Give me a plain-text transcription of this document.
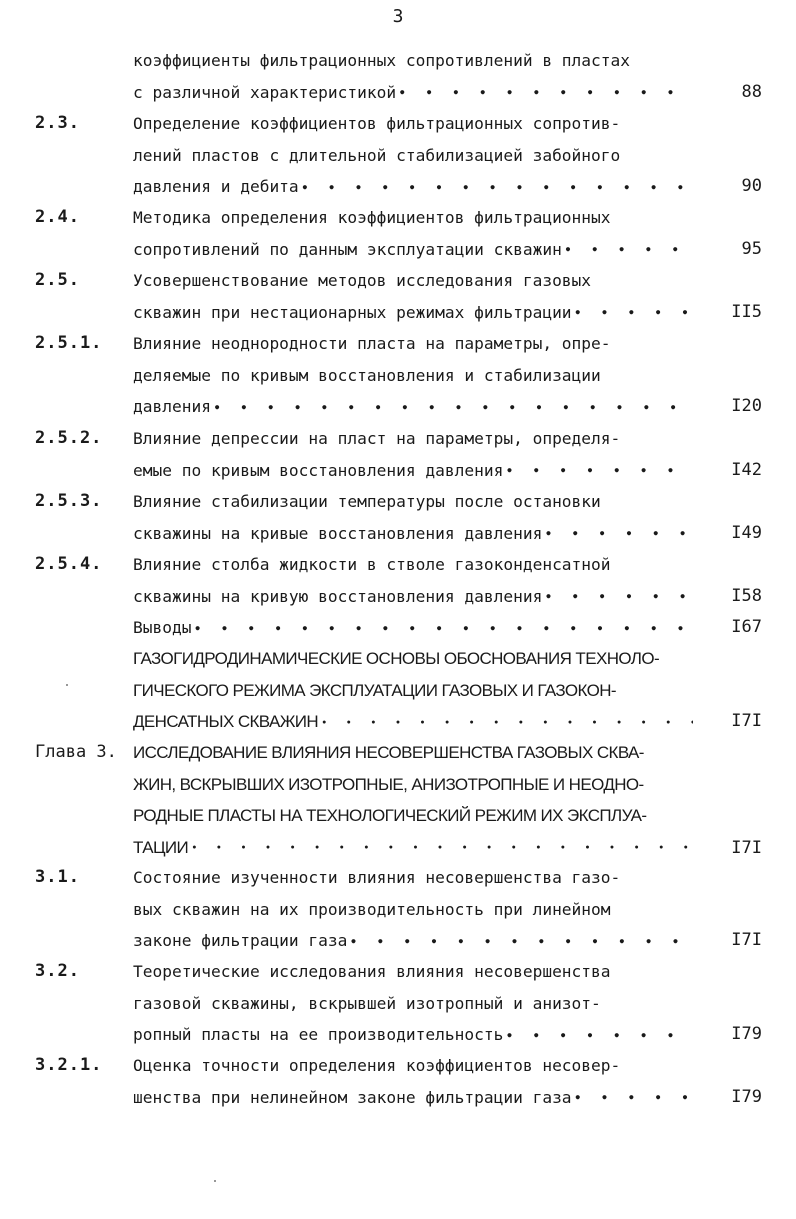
3
коэффициенты фильтрационных сопротивлений в пластах
с различной характеристикой ● ● ● ● ● ● ● ● ● ● ● ● ● ● ● ● ● ● ● ● ● ● ● ● ● ● ● ● ● ● ● ● ● ●	88
2.3.	Определение коэффициентов фильтрационных сопротив-
лений пластов с длительной стабилизацией забойного
давления и дебита ● ● ● ● ● ● ● ● ● ● ● ● ● ● ● ● ● ● ● ● ● ● ● ● ● ● ● ● ● ● ● ● ● ●	90
2.4.	Методика определения коэффициентов фильтрационных
сопротивлений по данным эксплуатации скважин ● ● ● ● ● ● ● ● ● ● ● ● ● ● ● ● ● ● ● ● ● ● ● ● ● ● ● ● ● ● ● ● ● ●	95
2.5.	Усовершенствование методов исследования газовых
скважин при нестационарных режимах фильтрации ● ● ● ● ● ● ● ● ● ● ● ● ● ● ● ● ● ● ● ● ● ● ● ● ● ● ● ● ● ● ● ● ● ●	II5
2.5.1. Влияние неоднородности пласта на параметры, опре-
деляемые по кривым восстановления и стабилизации
давления ● ● ● ● ● ● ● ● ● ● ● ● ● ● ● ● ● ● ● ● ● ● ● ● ● ● ● ● ● ● ● ● ● ●	I20
2.5.2. Влияние депрессии на пласт на параметры, определя-
емые по кривым восстановления давления ● ● ● ● ● ● ● ● ● ● ● ● ● ● ● ● ● ● ● ● ● ● ● ● ● ● ● ● ● ● ● ● ● ●	I42
2.5.3. Влияние стабилизации температуры после остановки
скважины на кривые восстановления давления ● ● ● ● ● ● ● ● ● ● ● ● ● ● ● ● ● ● ● ● ● ● ● ● ● ● ● ● ● ● ● ● ● ●	I49
2.5.4. Влияние столба жидкости в стволе газоконденсатной
скважины на кривую восстановления давления ● ● ● ● ● ● ● ● ● ● ● ● ● ● ● ● ● ● ● ● ● ● ● ● ● ● ● ● ● ● ● ● ● ●	I58
Выводы ● ● ● ● ● ● ● ● ● ● ● ● ● ● ● ● ● ● ● ● ● ● ● ● ● ● ● ● ● ● ● ● ● ●	I67
ГАЗОГИДРОДИНАМИЧЕСКИЕ ОСНОВЫ ОБОСНОВАНИЯ ТЕХНОЛО-
ГИЧЕСКОГО РЕЖИМА ЭКСПЛУАТАЦИИ ГАЗОВЫХ И ГАЗОКОН-
ДЕНСАТНЫХ СКВАЖИН ● ● ● ● ● ● ● ● ● ● ● ● ● ● ● ● ● ● ● ● ● ● ● ● ● ● ● ● ● ● ● ● ● ●	I7I
Глава 3. ИССЛЕДОВАНИЕ ВЛИЯНИЯ НЕСОВЕРШЕНСТВА ГАЗОВЫХ СКВА-
ЖИН, ВСКРЫВШИХ ИЗОТРОПНЫЕ, АНИЗОТРОПНЫЕ И НЕОДНО-
РОДНЫЕ ПЛАСТЫ НА ТЕХНОЛОГИЧЕСКИЙ РЕЖИМ ИХ ЭКСПЛУА-
ТАЦИИ ● ● ● ● ● ● ● ● ● ● ● ● ● ● ● ● ● ● ● ● ● ● ● ● ● ● ● ● ● ● ● ● ● ●	I7I
3.1.	Состояние изученности влияния несовершенства газо-
вых скважин на их производительность при линейном
законе фильтрации газа ● ● ● ● ● ● ● ● ● ● ● ● ● ● ● ● ● ● ● ● ● ● ● ● ● ● ● ● ● ● ● ● ● ●	I7I
3.2.	Теоретические исследования влияния несовершенства
газовой скважины, вскрывшей изотропный и анизот-
ропный пласты на ее производительность ● ● ● ● ● ● ● ● ● ● ● ● ● ● ● ● ● ● ● ● ● ● ● ● ● ● ● ● ● ● ● ● ● ●	I79
3.2.1. Оценка точности определения коэффициентов несовер-
шенства при нелинейном законе фильтрации газа ● ● ● ● ● ● ● ● ● ● ● ● ● ● ● ● ● ● ● ● ● ● ● ● ● ● ● ● ● ● ● ● ● ●	I79
